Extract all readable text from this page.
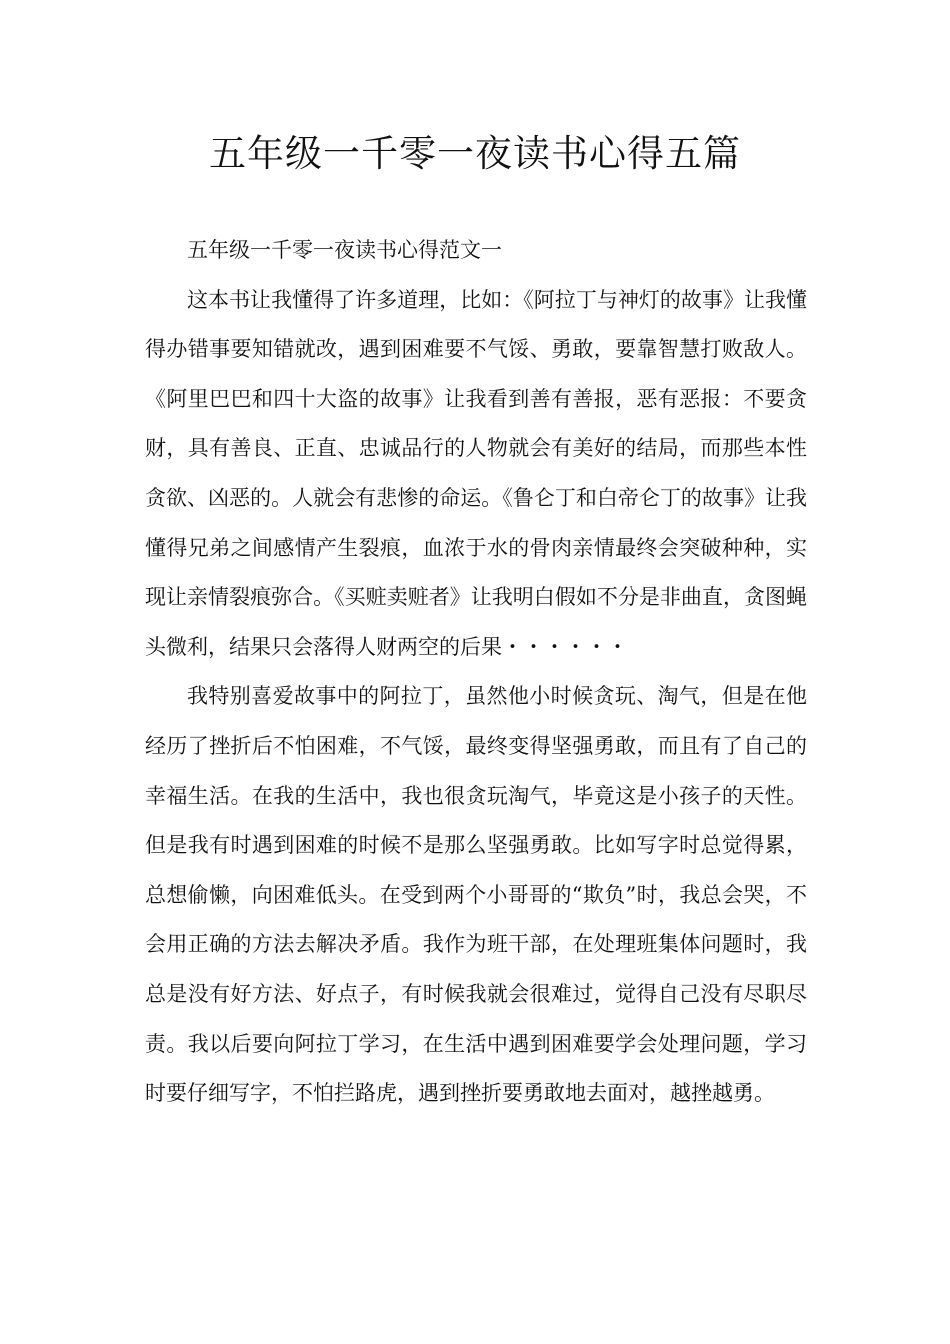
五年级一千零一夜读书心得五篇

五年级一千零一夜读书心得范文一

这本书让我懂得了许多道理，比如：《阿拉丁与神灯的故事》让我懂得办错事要知错就改，遇到困难要不气馁、勇敢，要靠智慧打败敌人。《阿里巴巴和四十大盗的故事》让我看到善有善报，恶有恶报：不要贪财，具有善良、正直、忠诚品行的人物就会有美好的结局，而那些本性贪欲、凶恶的。人就会有悲惨的命运。《鲁仑丁和白帝仑丁的故事》让我懂得兄弟之间感情产生裂痕，血浓于水的骨肉亲情最终会突破种种，实现让亲情裂痕弥合。《买赃卖赃者》让我明白假如不分是非曲直，贪图蝇头微利，结果只会落得人财两空的后果・・・・・・

我特别喜爱故事中的阿拉丁，虽然他小时候贪玩、淘气，但是在他经历了挫折后不怕困难，不气馁，最终变得坚强勇敢，而且有了自己的幸福生活。在我的生活中，我也很贪玩淘气，毕竟这是小孩子的天性。但是我有时遇到困难的时候不是那么坚强勇敢。比如写字时总觉得累，总想偷懒，向困难低头。在受到两个小哥哥的“欺负”时，我总会哭，不会用正确的方法去解决矛盾。我作为班干部，在处理班集体问题时，我总是没有好方法、好点子，有时候我就会很难过，觉得自己没有尽职尽责。我以后要向阿拉丁学习，在生活中遇到困难要学会处理问题，学习时要仔细写字，不怕拦路虎，遇到挫折要勇敢地去面对，越挫越勇。
